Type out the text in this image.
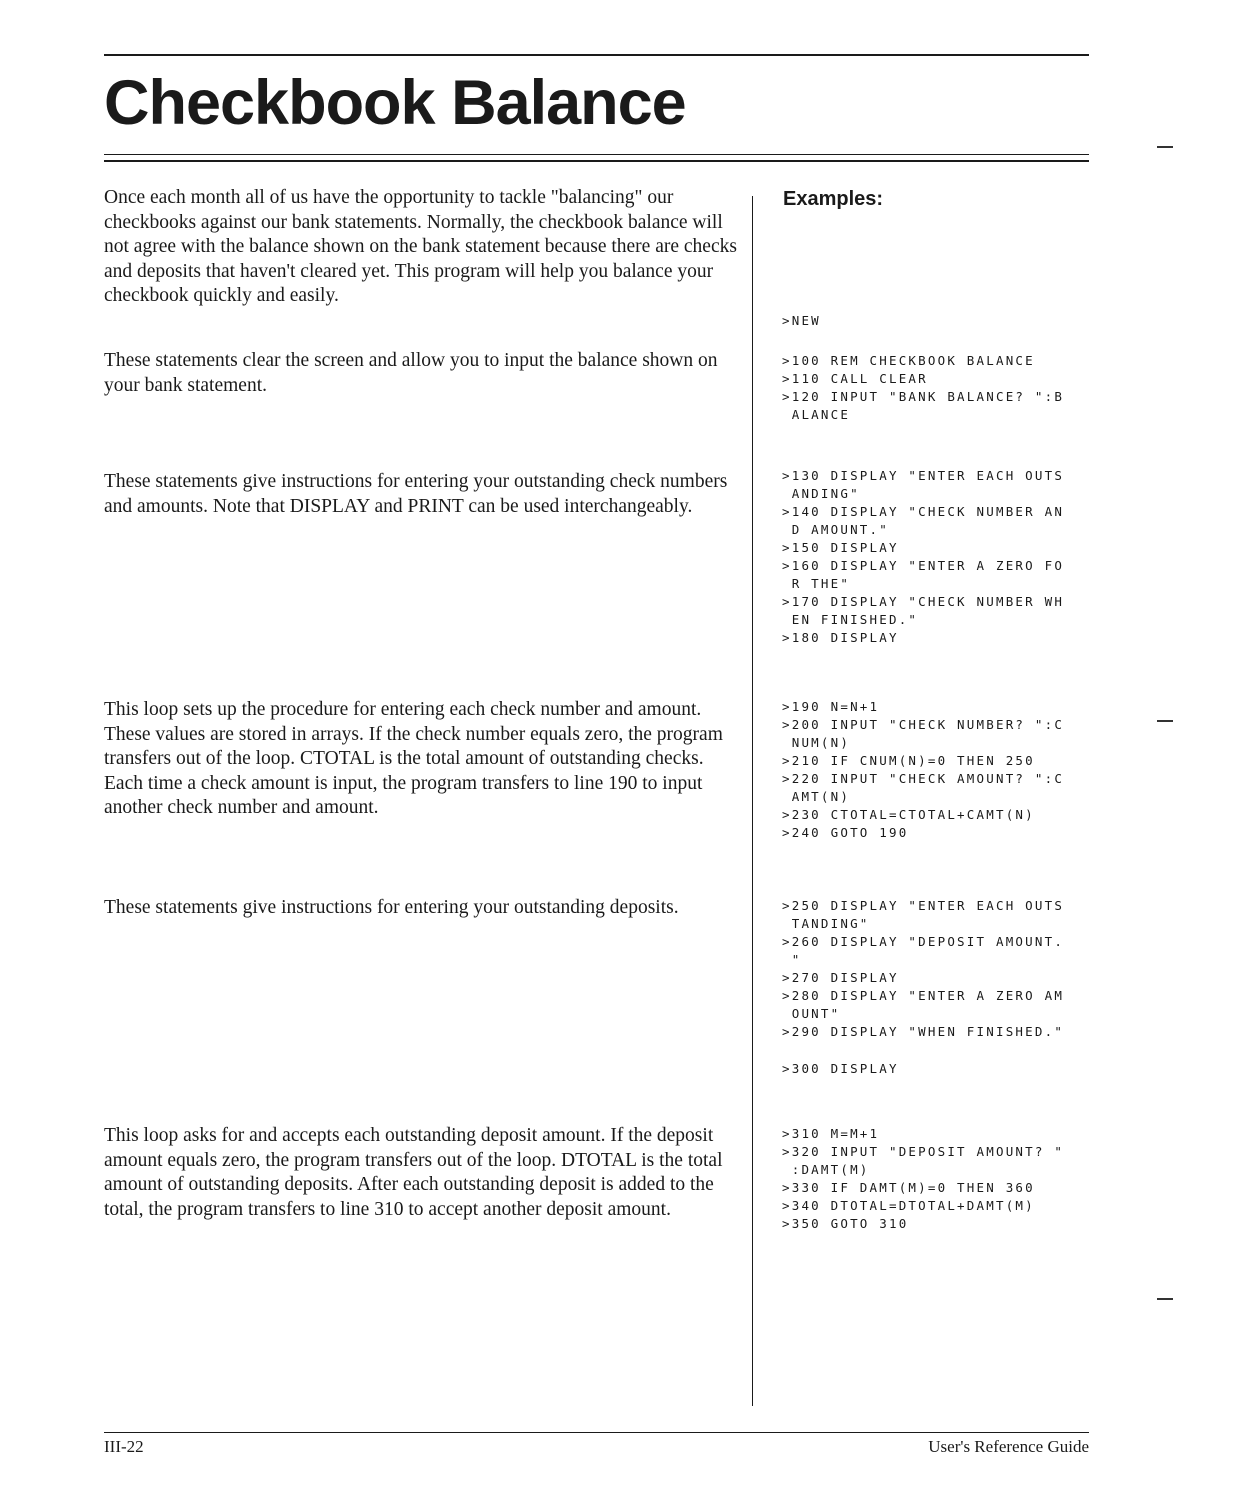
Checkbook Balance

Once each month all of us have the opportunity to tackle "balancing" our checkbooks against our bank statements. Normally, the checkbook balance will not agree with the balance shown on the bank statement because there are checks and deposits that haven't cleared yet. This program will help you balance your checkbook quickly and easily.

These statements clear the screen and allow you to input the balance shown on your bank statement.

These statements give instructions for entering your outstanding check numbers and amounts. Note that DISPLAY and PRINT can be used interchangeably.

This loop sets up the procedure for entering each check number and amount. These values are stored in arrays. If the check number equals zero, the program transfers out of the loop. CTOTAL is the total amount of outstanding checks. Each time a check amount is input, the program transfers to line 190 to input another check number and amount.

These statements give instructions for entering your outstanding deposits.

This loop asks for and accepts each outstanding deposit amount. If the deposit amount equals zero, the program transfers out of the loop. DTOTAL is the total amount of outstanding deposits. After each outstanding deposit is added to the total, the program transfers to line 310 to accept another deposit amount.

Examples:
>NEW
>100 REM CHECKBOOK BALANCE
>110 CALL CLEAR
>120 INPUT "BANK BALANCE? ":B
ALANCE
>130 DISPLAY "ENTER EACH OUTS
ANDING"
>140 DISPLAY "CHECK NUMBER AN
D AMOUNT."
>150 DISPLAY
>160 DISPLAY "ENTER A ZERO FO
R THE"
>170 DISPLAY "CHECK NUMBER WH
EN FINISHED."
>180 DISPLAY
>190 N=N+1
>200 INPUT "CHECK NUMBER? ":C
NUM(N)
>210 IF CNUM(N)=0 THEN 250
>220 INPUT "CHECK AMOUNT? ":C
AMT(N)
>230 CTOTAL=CTOTAL+CAMT(N)
>240 GOTO 190
>250 DISPLAY "ENTER EACH OUTS
TANDING"
>260 DISPLAY "DEPOSIT AMOUNT.
"
>270 DISPLAY
>280 DISPLAY "ENTER A ZERO AM
OUNT"
>290 DISPLAY "WHEN FINISHED."
>300 DISPLAY
>310 M=M+1
>320 INPUT "DEPOSIT AMOUNT? "
:DAMT(M)
>330 IF DAMT(M)=0 THEN 360
>340 DTOTAL=DTOTAL+DAMT(M)
>350 GOTO 310

III-22	User's Reference Guide
